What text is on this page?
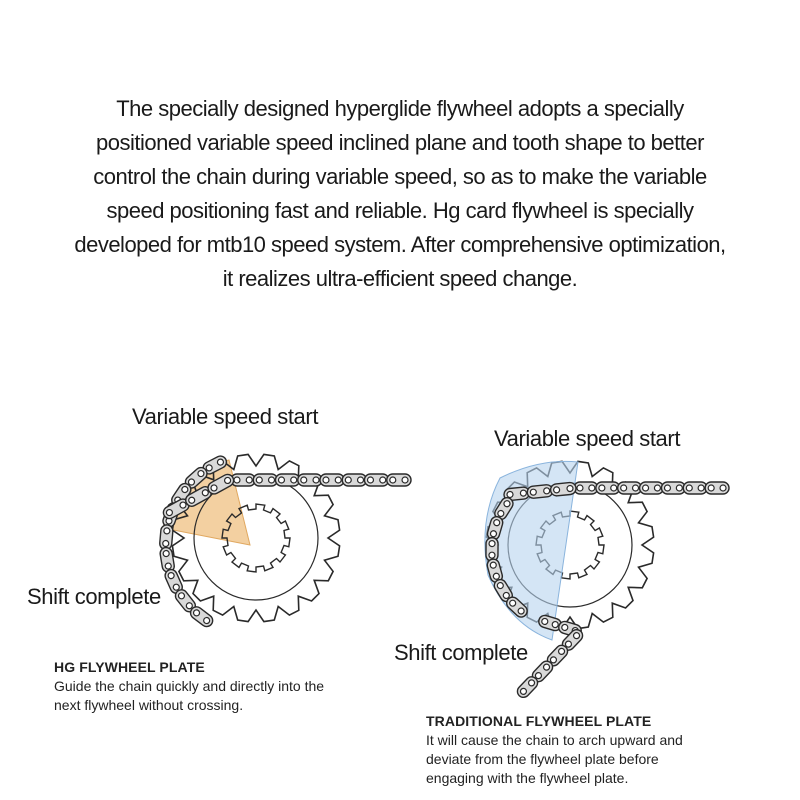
The specially designed hyperglide flywheel adopts a specially
positioned variable speed inclined plane and tooth shape to better
control the chain during variable speed, so as to make the variable
speed positioning fast and reliable. Hg card flywheel is specially
developed for mtb10 speed system. After comprehensive optimization,
it realizes ultra-efficient speed change.
Variable speed start
Variable speed start
Shift complete
Shift complete
HG FLYWHEEL PLATE
Guide the chain quickly and directly into the
next flywheel without crossing.
TRADITIONAL FLYWHEEL PLATE
It will cause the chain to arch upward and
deviate from the flywheel plate before
engaging with the flywheel plate.
